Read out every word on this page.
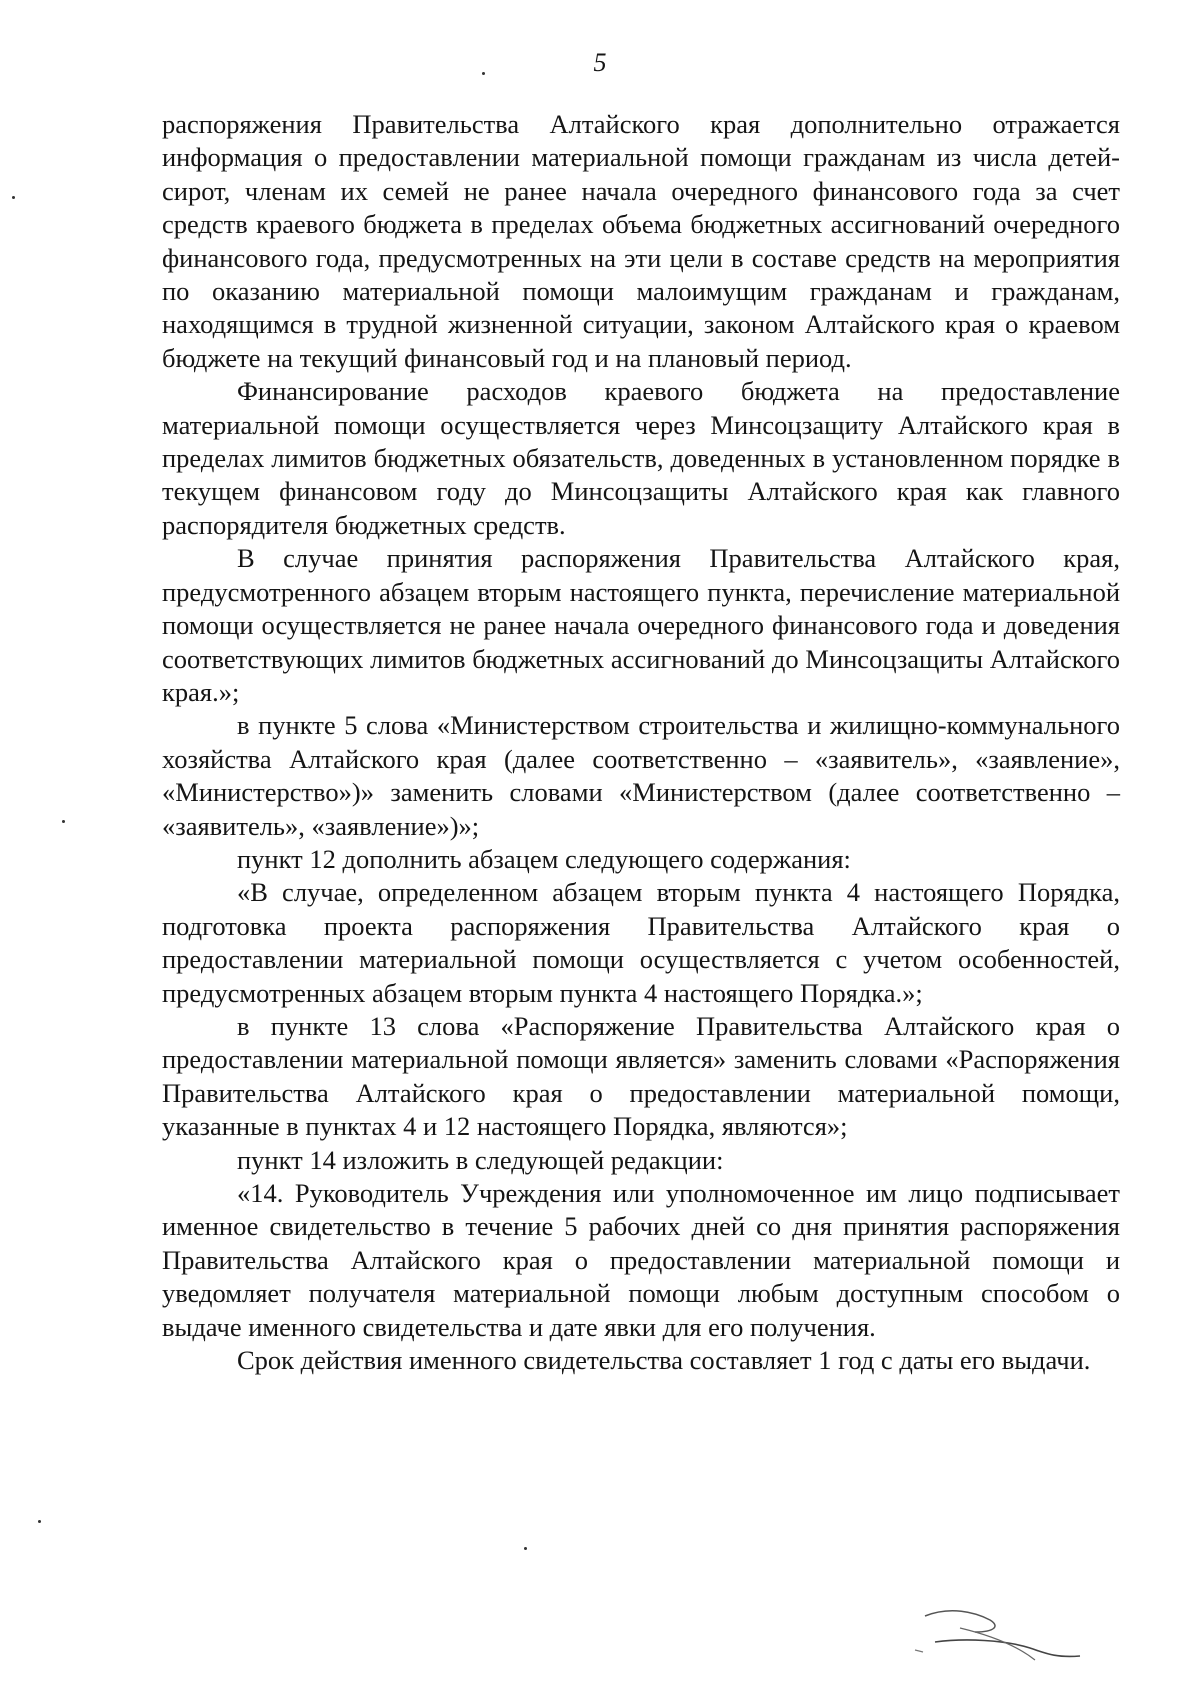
5

распоряжения Правительства Алтайского края дополнительно отражается информация о предоставлении материальной помощи гражданам из числа детей-сирот, членам их семей не ранее начала очередного финансового года за счет средств краевого бюджета в пределах объема бюджетных ассигнований очередного финансового года, предусмотренных на эти цели в составе средств на мероприятия по оказанию материальной помощи малоимущим гражданам и гражданам, находящимся в трудной жизненной ситуации, законом Алтайского края о краевом бюджете на текущий финансовый год и на плановый период.

Финансирование расходов краевого бюджета на предоставление материальной помощи осуществляется через Минсоцзащиту Алтайского края в пределах лимитов бюджетных обязательств, доведенных в установленном порядке в текущем финансовом году до Минсоцзащиты Алтайского края как главного распорядителя бюджетных средств.

В случае принятия распоряжения Правительства Алтайского края, предусмотренного абзацем вторым настоящего пункта, перечисление материальной помощи осуществляется не ранее начала очередного финансового года и доведения соответствующих лимитов бюджетных ассигнований до Минсоцзащиты Алтайского края.»;

в пункте 5 слова «Министерством строительства и жилищно-коммунального хозяйства Алтайского края (далее соответственно – «заявитель», «заявление», «Министерство»)» заменить словами «Министерством (далее соответственно – «заявитель», «заявление»)»;

пункт 12 дополнить абзацем следующего содержания:

«В случае, определенном абзацем вторым пункта 4 настоящего Порядка, подготовка проекта распоряжения Правительства Алтайского края о предоставлении материальной помощи осуществляется с учетом особенностей, предусмотренных абзацем вторым пункта 4 настоящего Порядка.»;

в пункте 13 слова «Распоряжение Правительства Алтайского края о предоставлении материальной помощи является» заменить словами «Распоряжения Правительства Алтайского края о предоставлении материальной помощи, указанные в пунктах 4 и 12 настоящего Порядка, являются»;

пункт 14 изложить в следующей редакции:

«14. Руководитель Учреждения или уполномоченное им лицо подписывает именное свидетельство в течение 5 рабочих дней со дня принятия распоряжения Правительства Алтайского края о предоставлении материальной помощи и уведомляет получателя материальной помощи любым доступным способом о выдаче именного свидетельства и дате явки для его получения.

Срок действия именного свидетельства составляет 1 год с даты его выдачи.
